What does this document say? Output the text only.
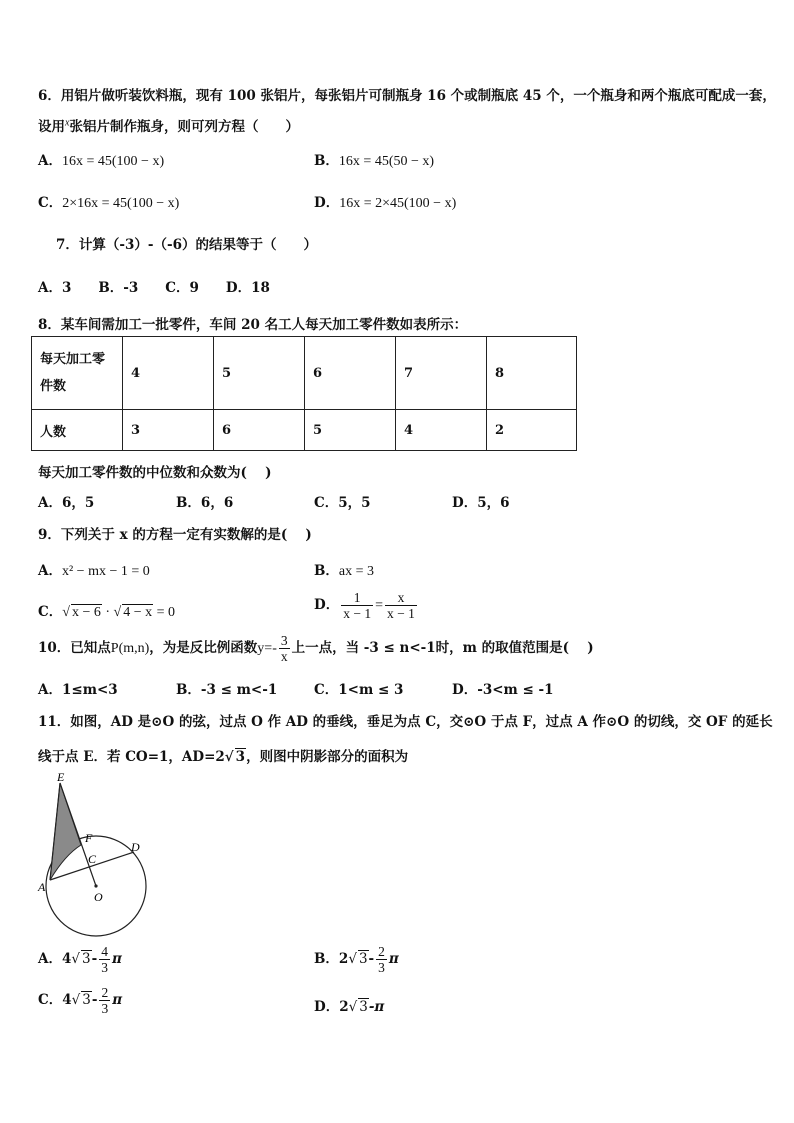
6．用铝片做听装饮料瓶，现有 100 张铝片，每张铝片可制瓶身 16 个或制瓶底 45 个，一个瓶身和两个瓶底可配成一套，
设用$^x$张铝片制作瓶身，则可列方程（　　）
A．16x = 45(100 − x)	B．16x = 45(50 − x)
C．2×16x = 45(100 − x)	D．16x = 2×45(100 − x)
7．计算（-3）-（-6）的结果等于（　　）
A．3　　B．-3　　C．9　　D．18
8．某车间需加工一批零件，车间 20 名工人每天加工零件数如表所示：
每天加工零
件数	4	5	6	7	8
人数	3	6	5	4	2
每天加工零件数的中位数和众数为(　 )
A．6，5	B．6，6	C．5，5	D．5，6
9．下列关于 x 的方程一定有实数解的是(　 )
A．x² − mx − 1 = 0	B．ax = 3
C．√ x − 6 · √ 4 − x = 0	D． $\frac{1}{x - 1} = \frac{x}{x - 1}$
10．已知点P(m,n)，为是反比例函数$y=- \frac{3}{x}$ 上一点，当 -3 ≤ n<-1时，m 的取值范围是(　 )
A．1≤m<3	B．-3 ≤ m<-1	C．1<m ≤ 3	D．-3<m ≤ -1
11．如图，AD 是⊙O 的弦，过点 O 作 AD 的垂线，垂足为点 C，交⊙O 于点 F，过点 A 作⊙O 的切线，交 OF 的延长
线于点 E．若 CO=1，AD=2√ 3，则图中阴影部分的面积为
E
F
C
D
A
O
A．4√ $3- \frac{4}{3}$ π	B．2√ $3- \frac{2}{3}$ π
C．4√ $3- \frac{2}{3}$ π	D．2√ 3-π
